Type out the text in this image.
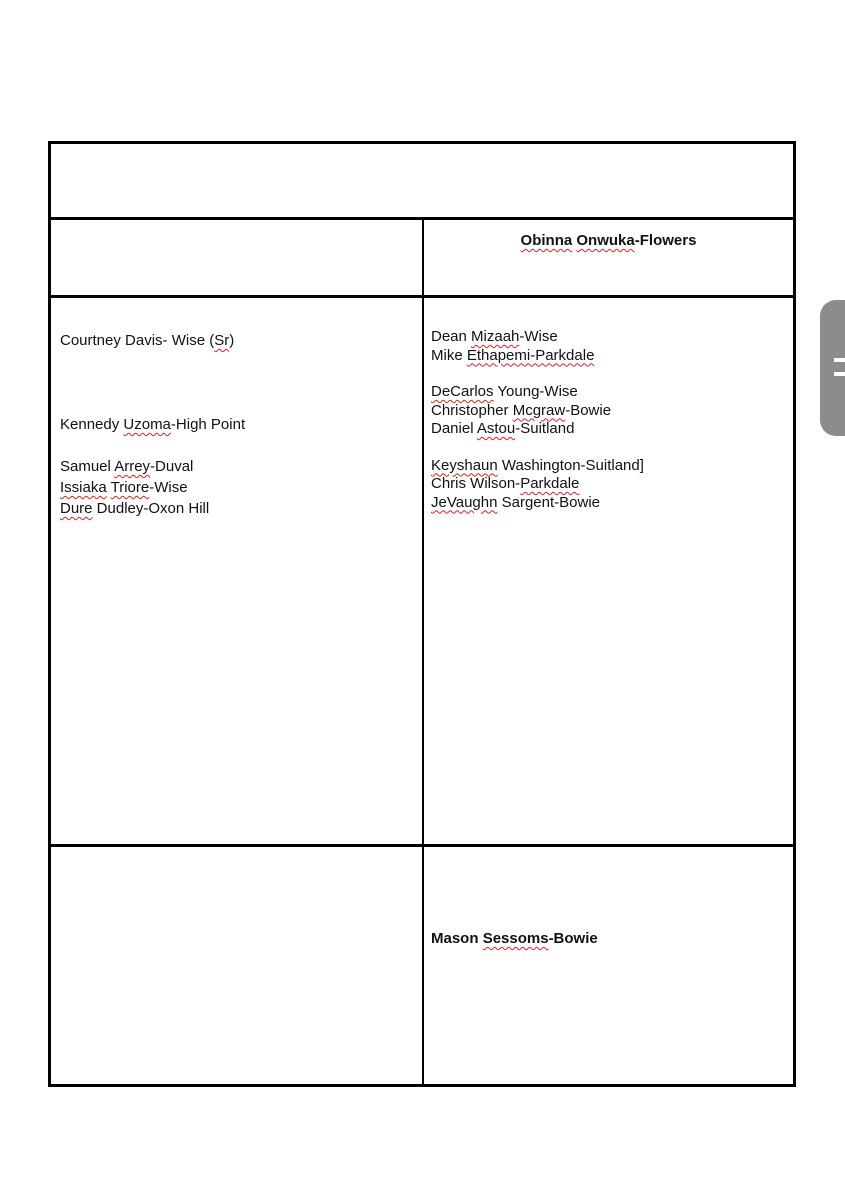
Obinna Onwuka-Flowers
Courtney Davis- Wise (Sr)
Kennedy Uzoma-High Point
Samuel Arrey-Duval
Issiaka Triore-Wise
Dure Dudley-Oxon Hill
Dean Mizaah-Wise
Mike Ethapemi-Parkdale
DeCarlos Young-Wise
Christopher Mcgraw-Bowie
Daniel Astou-Suitland
Keyshaun Washington-Suitland]
Chris Wilson-Parkdale
JeVaughn Sargent-Bowie
Mason Sessoms-Bowie
